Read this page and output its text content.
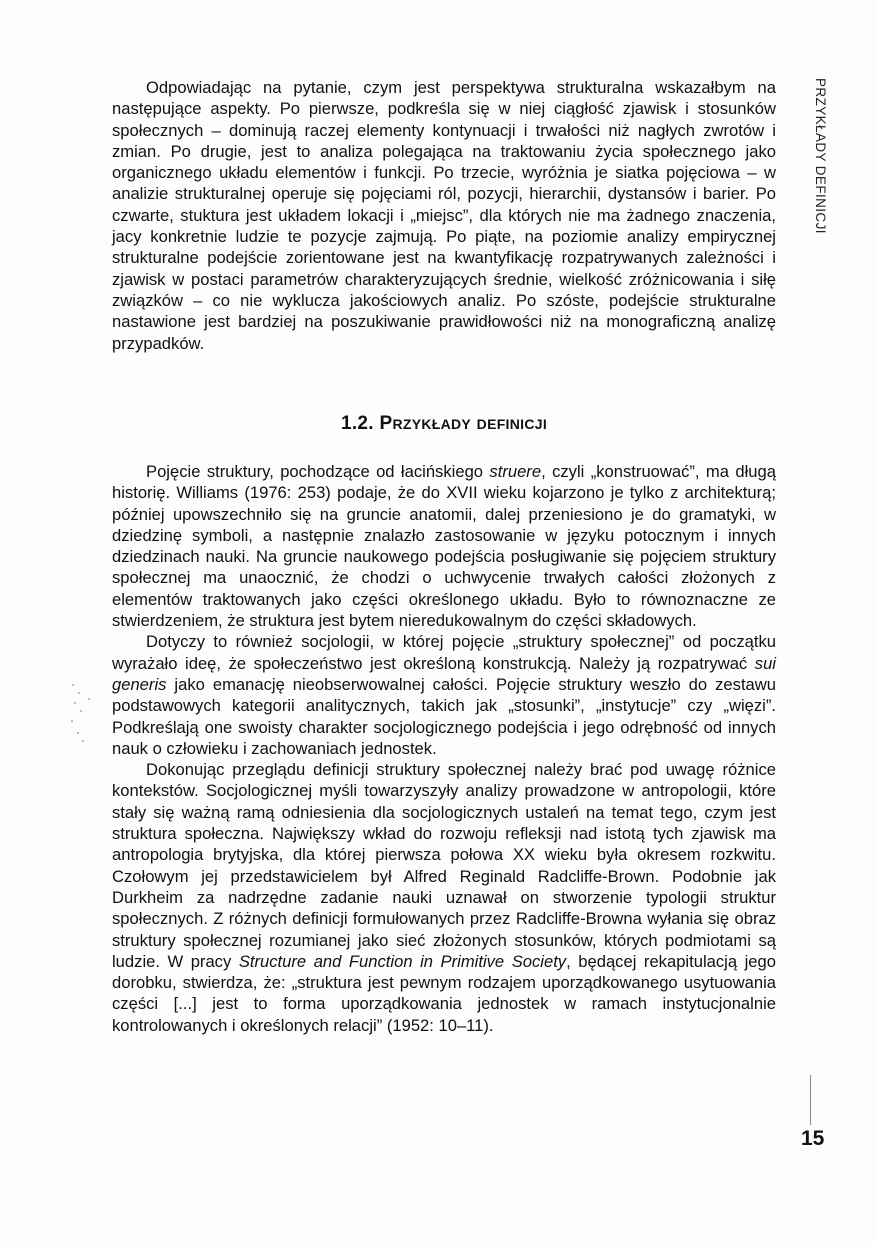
PRZYKŁADY DEFINICJI

Odpowiadając na pytanie, czym jest perspektywa strukturalna wskazałbym na następujące aspekty. Po pierwsze, podkreśla się w niej ciągłość zjawisk i stosunków społecznych – dominują raczej elementy kontynuacji i trwałości niż nagłych zwrotów i zmian. Po drugie, jest to analiza polegająca na traktowaniu życia społecznego jako organicznego układu elementów i funkcji. Po trzecie, wyróżnia je siatka pojęciowa – w analizie strukturalnej operuje się pojęciami ról, pozycji, hierarchii, dystansów i barier. Po czwarte, stuktura jest układem lokacji i „miejsc”, dla których nie ma żadnego znaczenia, jacy konkretnie ludzie te pozycje zajmują. Po piąte, na poziomie analizy empirycznej strukturalne podejście zorientowane jest na kwantyfikację rozpatrywanych zależności i zjawisk w postaci parametrów charakteryzujących średnie, wielkość zróżnicowania i siłę związków – co nie wyklucza jakościowych analiz. Po szóste, podejście strukturalne nastawione jest bardziej na poszukiwanie prawidłowości niż na monograficzną analizę przypadków.

1.2. PRZYKŁADY DEFINICJI

Pojęcie struktury, pochodzące od łacińskiego struere, czyli „konstruować”, ma długą historię. Williams (1976: 253) podaje, że do XVII wieku kojarzono je tylko z architekturą; później upowszechniło się na gruncie anatomii, dalej przeniesiono je do gramatyki, w dziedzinę symboli, a następnie znalazło zastosowanie w języku potocznym i innych dziedzinach nauki. Na gruncie naukowego podejścia posługiwanie się pojęciem struktury społecznej ma unaocznić, że chodzi o uchwycenie trwałych całości złożonych z elementów traktowanych jako części określonego układu. Było to równoznaczne ze stwierdzeniem, że struktura jest bytem nieredukowalnym do części składowych.

Dotyczy to również socjologii, w której pojęcie „struktury społecznej” od początku wyrażało ideę, że społeczeństwo jest określoną konstrukcją. Należy ją rozpatrywać sui generis jako emanację nieobserwowalnej całości. Pojęcie struktury weszło do zestawu podstawowych kategorii analitycznych, takich jak „stosunki”, „instytucje” czy „więzi”. Podkreślają one swoisty charakter socjologicznego podejścia i jego odrębność od innych nauk o człowieku i zachowaniach jednostek.

Dokonując przeglądu definicji struktury społecznej należy brać pod uwagę różnice kontekstów. Socjologicznej myśli towarzyszyły analizy prowadzone w antropologii, które stały się ważną ramą odniesienia dla socjologicznych ustaleń na temat tego, czym jest struktura społeczna. Największy wkład do rozwoju refleksji nad istotą tych zjawisk ma antropologia brytyjska, dla której pierwsza połowa XX wieku była okresem rozkwitu. Czołowym jej przedstawicielem był Alfred Reginald Radcliffe-Brown. Podobnie jak Durkheim za nadrzędne zadanie nauki uznawał on stworzenie typologii struktur społecznych. Z różnych definicji formułowanych przez Radcliffe-Browna wyłania się obraz struktury społecznej rozumianej jako sieć złożonych stosunków, których podmiotami są ludzie. W pracy Structure and Function in Primitive Society, będącej rekapitulacją jego dorobku, stwierdza, że: „struktura jest pewnym rodzajem uporządkowanego usytuowania części [...] jest to forma uporządkowania jednostek w ramach instytucjonalnie kontrolowanych i określonych relacji” (1952: 10–11).

15
